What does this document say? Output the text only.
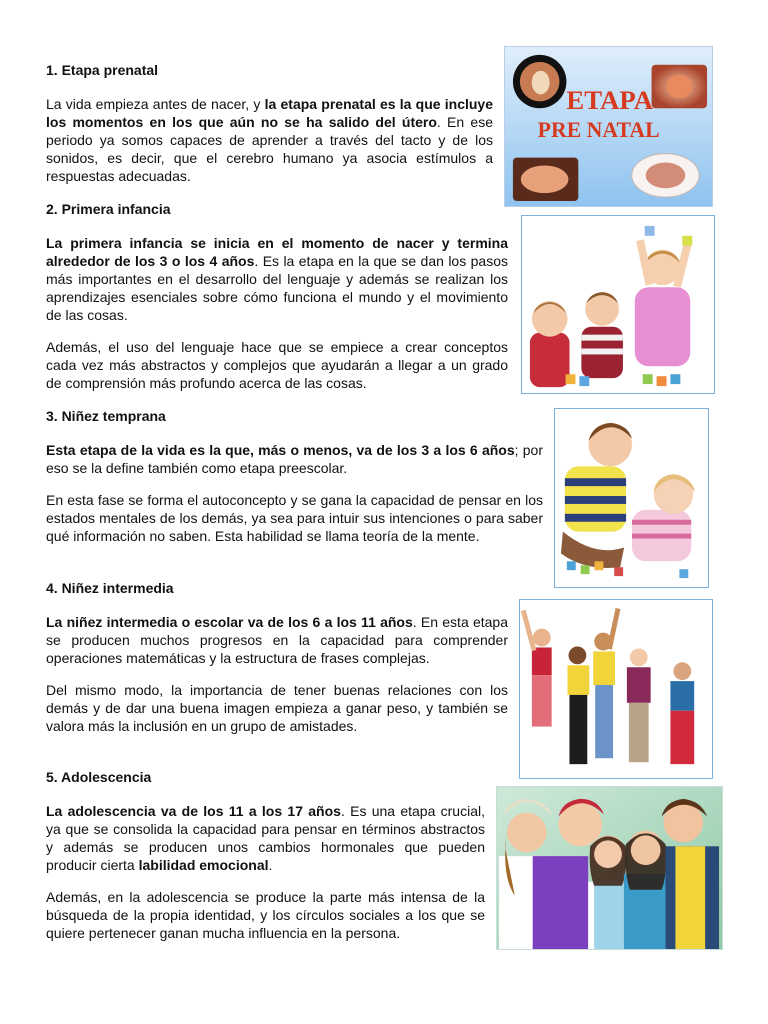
1. Etapa prenatal

La vida empieza antes de nacer, y la etapa prenatal es la que incluye los momentos en los que aún no se ha salido del útero. En ese periodo ya somos capaces de aprender a través del tacto y de los sonidos, es decir, que el cerebro humano ya asocia estímulos a respuestas adecuadas.

ETAPA
PRE NATAL
2. Primera infancia

La primera infancia se inicia en el momento de nacer y termina alrededor de los 3 o los 4 años. Es la etapa en la que se dan los pasos más importantes en el desarrollo del lenguaje y además se realizan los aprendizajes esenciales sobre cómo funciona el mundo y el movimiento de las cosas.

Además, el uso del lenguaje hace que se empiece a crear conceptos cada vez más abstractos y complejos que ayudarán a llegar a un grado de comprensión más profundo acerca de las cosas.

3. Niñez temprana

Esta etapa de la vida es la que, más o menos, va de los 3 a los 6 años; por eso se la define también como etapa preescolar.

En esta fase se forma el autoconcepto y se gana la capacidad de pensar en los estados mentales de los demás, ya sea para intuir sus intenciones o para saber qué información no saben. Esta habilidad se llama teoría de la mente.

4. Niñez intermedia

La niñez intermedia o escolar va de los 6 a los 11 años. En esta etapa se producen muchos progresos en la capacidad para comprender operaciones matemáticas y la estructura de frases complejas.

Del mismo modo, la importancia de tener buenas relaciones con los demás y de dar una buena imagen empieza a ganar peso, y también se valora más la inclusión en un grupo de amistades.

5. Adolescencia

La adolescencia va de los 11 a los 17 años. Es una etapa crucial, ya que se consolida la capacidad para pensar en términos abstractos y además se producen unos cambios hormonales que pueden producir cierta labilidad emocional.

Además, en la adolescencia se produce la parte más intensa de la búsqueda de la propia identidad, y los círculos sociales a los que se quiere pertenecer ganan mucha influencia en la persona.
